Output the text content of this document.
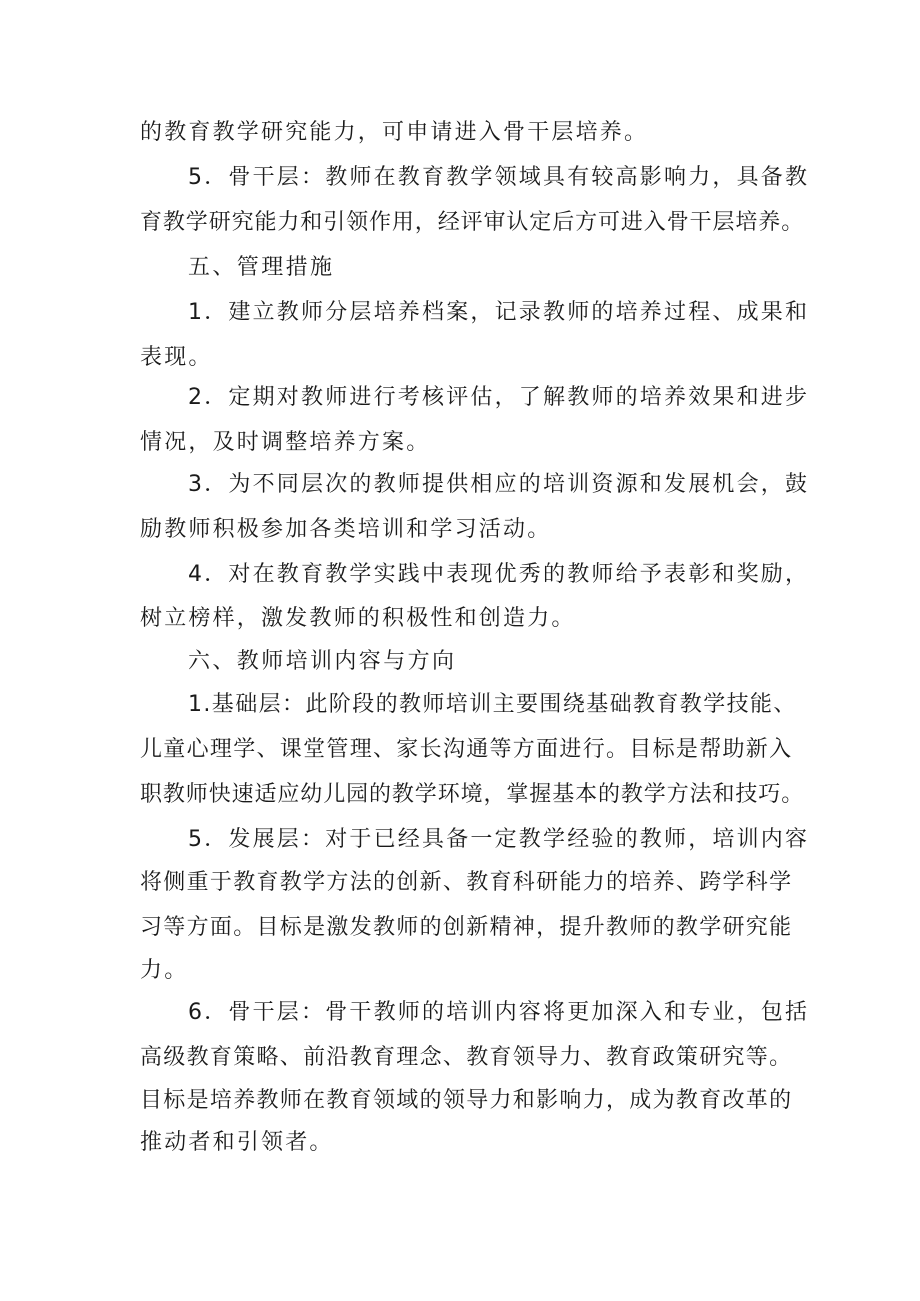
的教育教学研究能力，可申请进入骨干层培养。
5．骨干层：教师在教育教学领域具有较高影响力，具备教
育教学研究能力和引领作用，经评审认定后方可进入骨干层培养。
五、管理措施
1．建立教师分层培养档案，记录教师的培养过程、成果和
表现。
2．定期对教师进行考核评估，了解教师的培养效果和进步
情况，及时调整培养方案。
3．为不同层次的教师提供相应的培训资源和发展机会，鼓
励教师积极参加各类培训和学习活动。
4．对在教育教学实践中表现优秀的教师给予表彰和奖励，
树立榜样，激发教师的积极性和创造力。
六、教师培训内容与方向
1.基础层：此阶段的教师培训主要围绕基础教育教学技能、
儿童心理学、课堂管理、家长沟通等方面进行。目标是帮助新入
职教师快速适应幼儿园的教学环境，掌握基本的教学方法和技巧。
5．发展层：对于已经具备一定教学经验的教师，培训内容
将侧重于教育教学方法的创新、教育科研能力的培养、跨学科学
习等方面。目标是激发教师的创新精神，提升教师的教学研究能
力。
6．骨干层：骨干教师的培训内容将更加深入和专业，包括
高级教育策略、前沿教育理念、教育领导力、教育政策研究等。
目标是培养教师在教育领域的领导力和影响力，成为教育改革的
推动者和引领者。
